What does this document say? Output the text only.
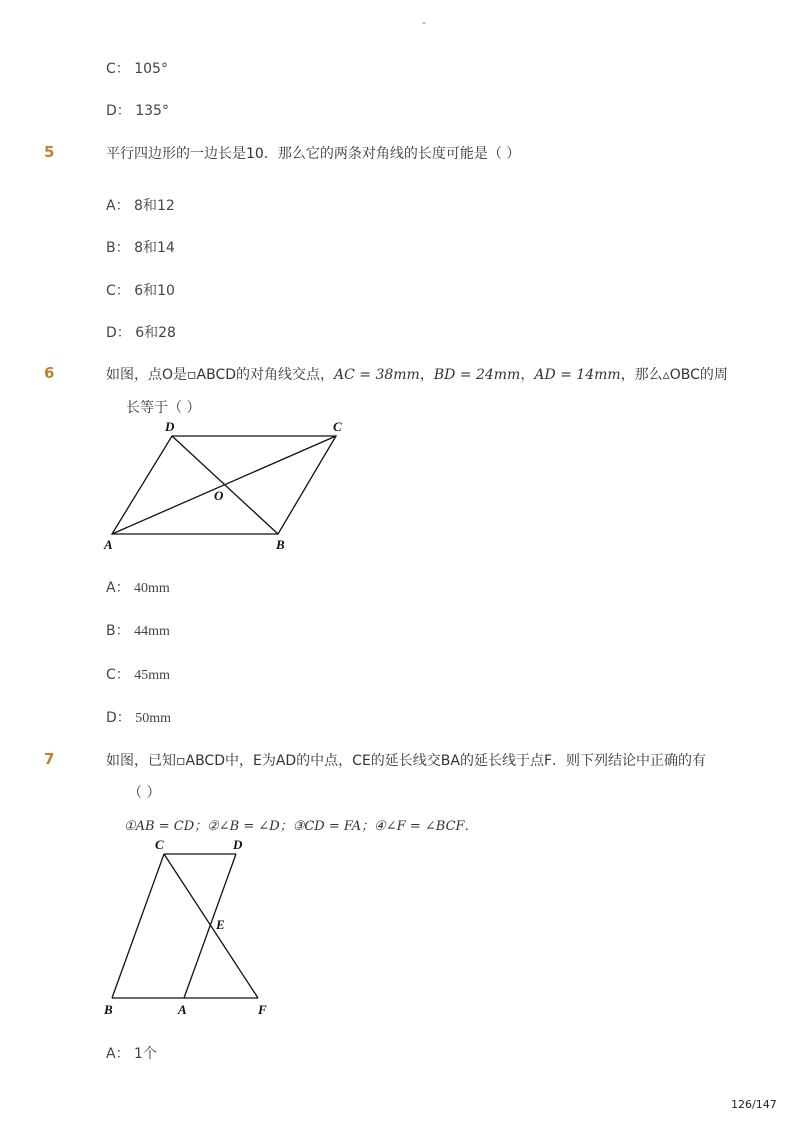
-
C： 105°
D： 135°
5	平行四边形的一边长是10．那么它的两条对角线的长度可能是（ ）
A： 8和12
B： 8和14
C： 6和10
D： 6和28
6	如图，点O是▫ABCD的对角线交点，AC = 38mm，BD = 24mm，AD = 14mm，那么▵OBC的周
长等于（ ）
A	B
C
D
O
A： 40mm
B： 44mm
C： 45mm
D： 50mm
7	如图，已知▫ABCD中，E为AD的中点，CE的延长线交BA的延长线于点F．则下列结论中正确的有
（ ）
①AB = CD；②∠B = ∠D；③CD = FA；④∠F = ∠BCF．
C	D
E
B	A	F
A： 1个
126/147
